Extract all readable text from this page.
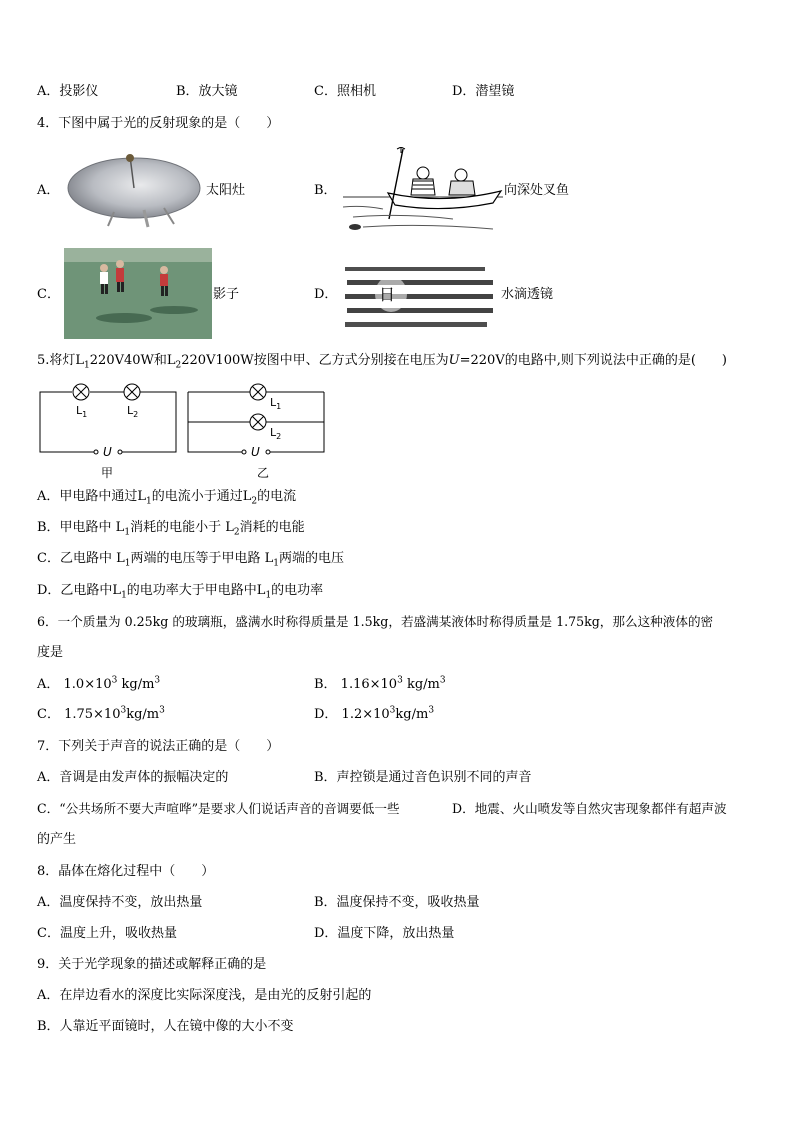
A．投影仪	B．放大镜	C．照相机	D．潜望镜
4．下图中属于光的反射现象的是（　　）
A．	太阳灶	B．	向深处叉鱼
C．	影子	D．	日	水滴透镜
5.将灯$L_1220V40W$和$L_2220V100W$按图中甲、乙方式分别接在电压为U=220V的电路中,则下列说法中正确的是(　　)
$L_1$	$L_2$
U
甲
$L_1$
$L_2$
U
乙
A．甲电路中通过$L_1$的电流小于通过$L_2$的电流
B．甲电路中 $L_1$消耗的电能小于 $L_2$消耗的电能
C．乙电路中 $L_1$两端的电压等于甲电路 $L_1$两端的电压
D．乙电路中$L_1$的电功率大于甲电路中$L_1$的电功率
6．一个质量为 0.25kg 的玻璃瓶，盛满水时称得质量是 1.5kg，若盛满某液体时称得质量是 1.75kg，那么这种液体的密
度是
A． $1.0\times 10^3$ $kg/m^3$	B． $1.16\times 10^3$ $kg/m^3$
C． $1.75\times 10^3kg/m^3$	D． $1.2\times 10^3kg/m^3$
7．下列关于声音的说法正确的是（　　）
A．音调是由发声体的振幅决定的	B．声控锁是通过音色识别不同的声音
C．“公共场所不要大声喧哗”是要求人们说话声音的音调要低一些	D．地震、火山喷发等自然灾害现象都伴有超声波
的产生
8．晶体在熔化过程中（　　）
A．温度保持不变，放出热量	B．温度保持不变，吸收热量
C．温度上升，吸收热量	D．温度下降，放出热量
9．关于光学现象的描述或解释正确的是
A．在岸边看水的深度比实际深度浅，是由光的反射引起的
B．人靠近平面镜时，人在镜中像的大小不变
